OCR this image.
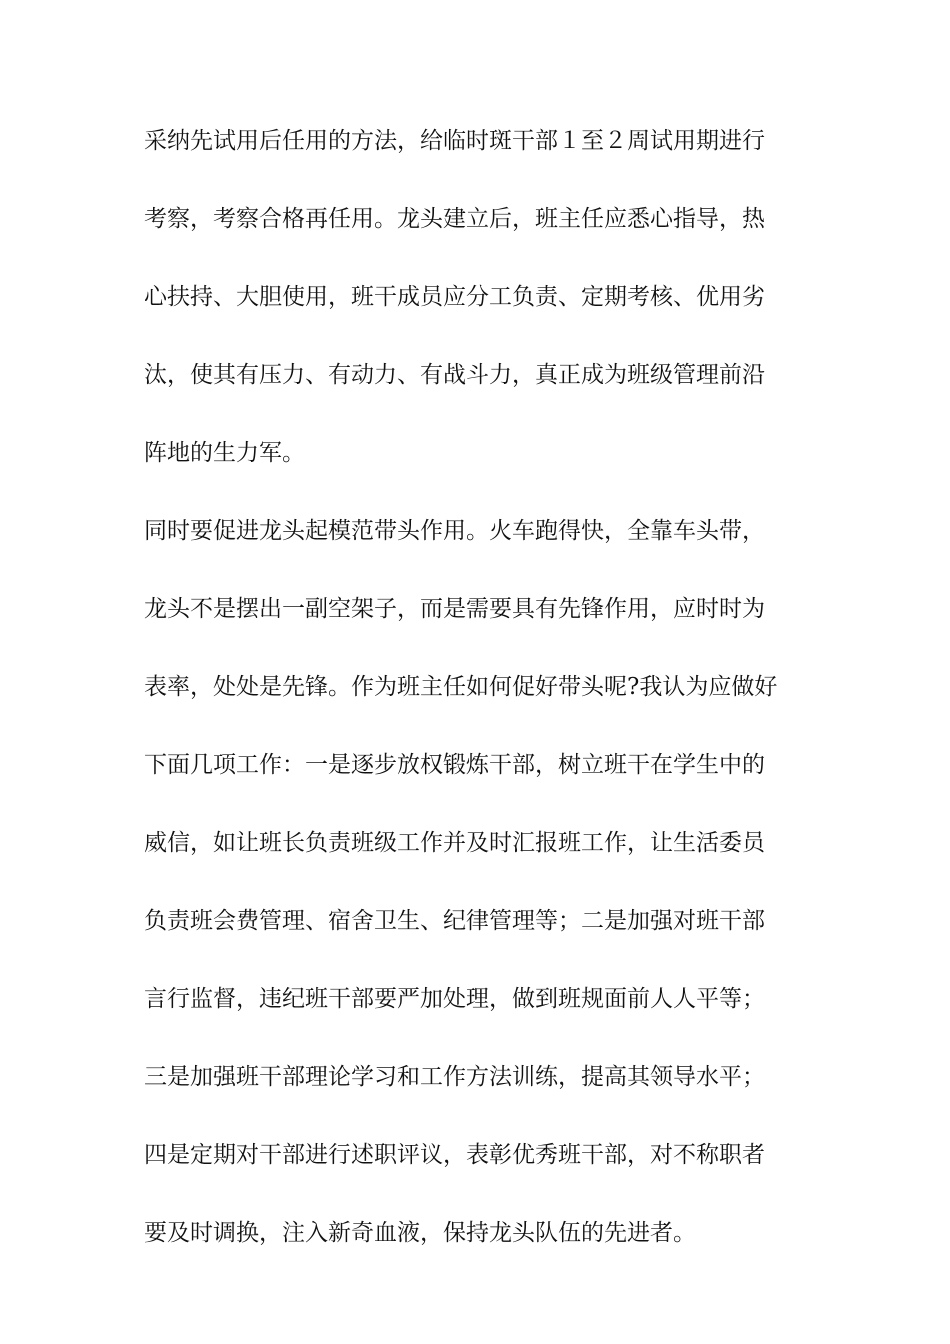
采纳先试用后任用的方法，给临时斑干部１至２周试用期进行
考察，考察合格再任用。龙头建立后，班主任应悉心指导，热
心扶持、大胆使用，班干成员应分工负责、定期考核、优用劣
汰，使其有压力、有动力、有战斗力，真正成为班级管理前沿
阵地的生力军。
同时要促进龙头起模范带头作用。火车跑得快，全靠车头带，
龙头不是摆出一副空架子，而是需要具有先锋作用，应时时为
表率，处处是先锋。作为班主任如何促好带头呢?我认为应做好
下面几项工作：一是逐步放权锻炼干部，树立班干在学生中的
威信，如让班长负责班级工作并及时汇报班工作，让生活委员
负责班会费管理、宿舍卫生、纪律管理等；二是加强对班干部
言行监督，违纪班干部要严加处理，做到班规面前人人平等；
三是加强班干部理论学习和工作方法训练，提高其领导水平；
四是定期对干部进行述职评议，表彰优秀班干部，对不称职者
要及时调换，注入新奇血液，保持龙头队伍的先进者。
